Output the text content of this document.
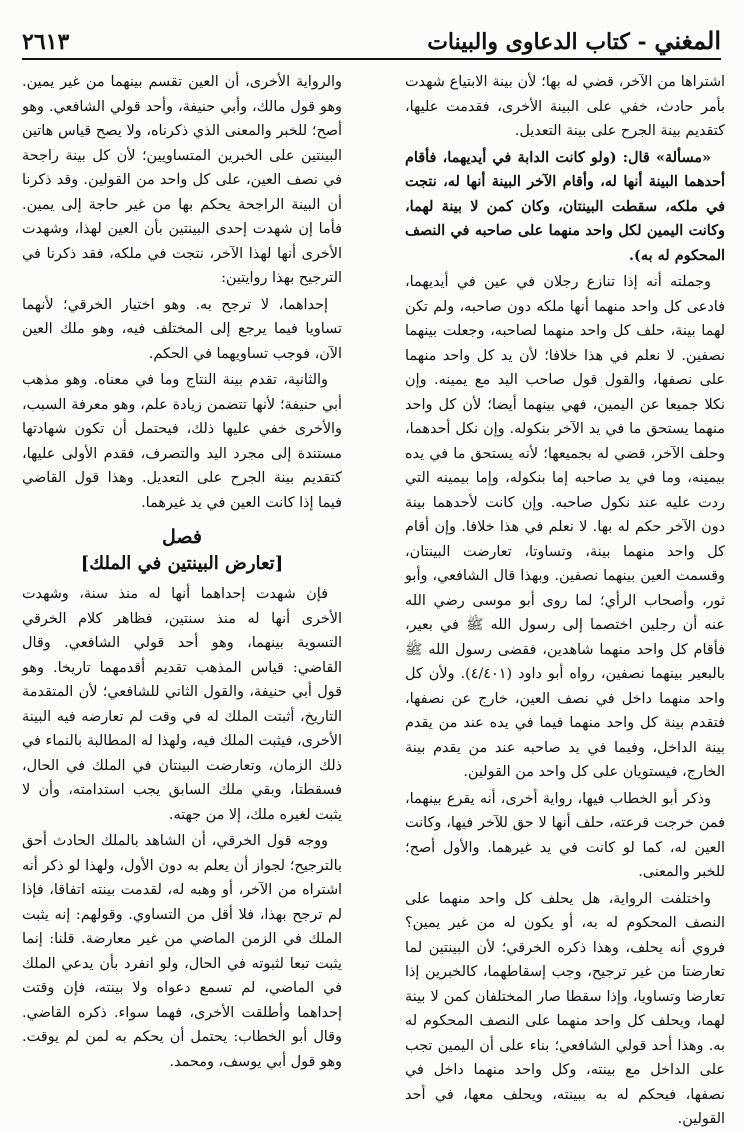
المغني - كتاب الدعاوى والبينات
٢٦١٣

اشتراها من الآخر، قضي له بها؛ لأن بينة الابتياع شهدت بأمر حادث، خفي على البينة الأخرى، فقدمت عليها، كتقديم بينة الجرح على بينة التعديل.

«مسألة» قال: (ولو كانت الدابة في أيديهما، فأقام أحدهما البينة أنها له، وأقام الآخر البينة أنها له، نتجت في ملكه، سقطت البينتان، وكان كمن لا بينة لهما، وكانت اليمين لكل واحد منهما على صاحبه في النصف المحكوم له به).

وجملته أنه إذا تنازع رجلان في عين في أيديهما، فادعى كل واحد منهما أنها ملكه دون صاحبه، ولم تكن لهما بينة، حلف كل واحد منهما لصاحبه، وجعلت بينهما نصفين. لا نعلم في هذا خلافا؛ لأن يد كل واحد منهما على نصفها، والقول قول صاحب اليد مع يمينه. وإن نكلا جميعا عن اليمين، فهي بينهما أيضا؛ لأن كل واحد منهما يستحق ما في يد الآخر بنكوله. وإن نكل أحدهما، وحلف الآخر، قضي له بجميعها؛ لأنه يستحق ما في يده بيمينه، وما في يد صاحبه إما بنكوله، وإما بيمينه التي ردت عليه عند نكول صاحبه. وإن كانت لأحدهما بينة دون الآخر حكم له بها. لا نعلم في هذا خلافا. وإن أقام كل واحد منهما بينة، وتساوتا، تعارضت البينتان، وقسمت العين بينهما نصفين. وبهذا قال الشافعي، وأبو ثور، وأصحاب الرأي؛ لما روى أبو موسى رضي الله عنه أن رجلين اختصما إلى رسول الله ﷺ في بعير، فأقام كل واحد منهما شاهدين، فقضى رسول الله ﷺ بالبعير بينهما نصفين، رواه أبو داود (٤/٤٠١). ولأن كل واحد منهما داخل في نصف العين، خارج عن نصفها، فتقدم بينة كل واحد منهما فيما في يده عند من يقدم بينة الداخل، وفيما في يد صاحبه عند من يقدم بينة الخارج، فيستويان على كل واحد من القولين.

وذكر أبو الخطاب فيها، رواية أخرى، أنه يقرع بينهما، فمن خرجت قرعته، حلف أنها لا حق للآخر فيها، وكانت العين له، كما لو كانت في يد غيرهما. والأول أصح؛ للخبر والمعنى.

واختلفت الرواية، هل يحلف كل واحد منهما على النصف المحكوم له به، أو يكون له من غير يمين؟ فروي أنه يحلف، وهذا ذكره الخرقي؛ لأن البينتين لما تعارضتا من غير ترجيح، وجب إسقاطهما، كالخبرين إذا تعارضا وتساويا، وإذا سقطا صار المختلفان كمن لا بينة لهما، ويحلف كل واحد منهما على النصف المحكوم له به. وهذا أحد قولي الشافعي؛ بناء على أن اليمين تجب على الداخل مع بينته، وكل واحد منهما داخل في نصفها، فيحكم له به ببينته، ويحلف معها، في أحد القولين.

والرواية الأخرى، أن العين تقسم بينهما من غير يمين. وهو قول مالك، وأبي حنيفة، وأحد قولي الشافعي. وهو أصح؛ للخبر والمعنى الذي ذكرناه، ولا يصح قياس هاتين البينتين على الخبرين المتساويين؛ لأن كل بينة راجحة في نصف العين، على كل واحد من القولين. وقد ذكرنا أن البينة الراجحة يحكم بها من غير حاجة إلى يمين. فأما إن شهدت إحدى البينتين بأن العين لهذا، وشهدت الأخرى أنها لهذا الآخر، نتجت في ملكه، فقد ذكرنا في الترجيح بهذا روايتين:

إحداهما، لا ترجح به. وهو اختيار الخرقي؛ لأنهما تساويا فيما يرجع إلى المختلف فيه، وهو ملك العين الآن، فوجب تساويهما في الحكم.

والثانية، تقدم بينة النتاج وما في معناه. وهو مذهب أبي حنيفة؛ لأنها تتضمن زيادة علم، وهو معرفة السبب، والأخرى خفي عليها ذلك، فيحتمل أن تكون شهادتها مستندة إلى مجرد اليد والتصرف، فقدم الأولى عليها، كتقديم بينة الجرح على التعديل. وهذا قول القاضي فيما إذا كانت العين في يد غيرهما.

فصل
[تعارض البينتين في الملك]

فإن شهدت إحداهما أنها له منذ سنة، وشهدت الأخرى أنها له منذ سنتين، فظاهر كلام الخرقي التسوية بينهما، وهو أحد قولي الشافعي. وقال القاضي: قياس المذهب تقديم أقدمهما تاريخا. وهو قول أبي حنيفة، والقول الثاني للشافعي؛ لأن المتقدمة التاريخ، أثبتت الملك له في وقت لم تعارضه فيه البينة الأخرى، فيثبت الملك فيه، ولهذا له المطالبة بالنماء في ذلك الزمان، وتعارضت البينتان في الملك في الحال، فسقطتا، وبقي ملك السابق يجب استدامته، وأن لا يثبت لغيره ملك، إلا من جهته.

ووجه قول الخرقي، أن الشاهد بالملك الحادث أحق بالترجيح؛ لجواز أن يعلم به دون الأول، ولهذا لو ذكر أنه اشتراه من الآخر، أو وهبه له، لقدمت بينته اتفاقا، فإذا لم ترجح بهذا، فلا أقل من التساوي. وقولهم: إنه يثبت الملك في الزمن الماضي من غير معارضة. قلنا: إنما يثبت تبعا لثبوته في الحال، ولو انفرد بأن يدعي الملك في الماضي، لم تسمع دعواه ولا بينته، فإن وقتت إحداهما وأطلقت الأخرى، فهما سواء. ذكره القاضي. وقال أبو الخطاب: يحتمل أن يحكم به لمن لم يوقت. وهو قول أبي يوسف، ومحمد.
